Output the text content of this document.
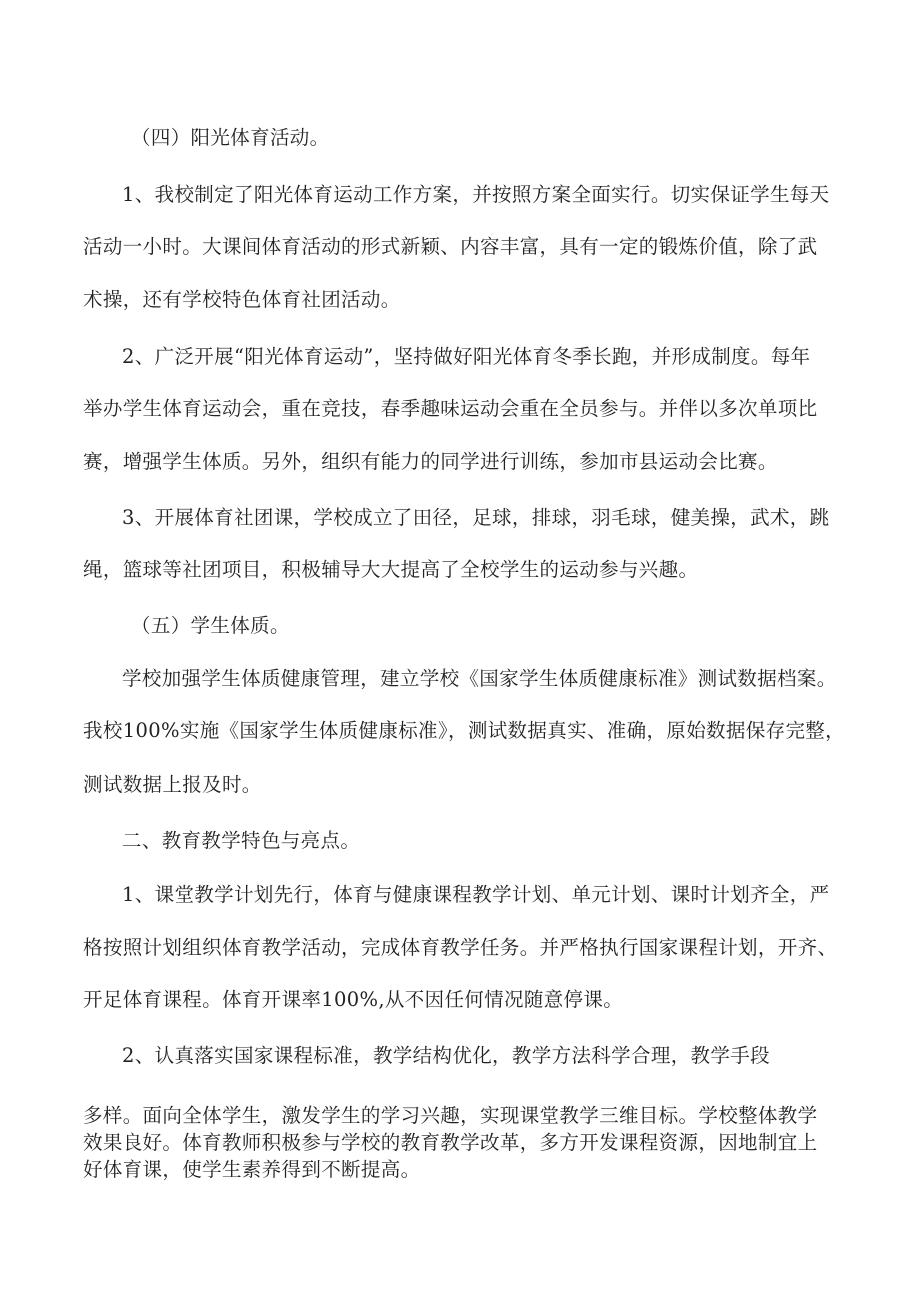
（四）阳光体育活动。
1、我校制定了阳光体育运动工作方案，并按照方案全面实行。切实保证学生每天
活动一小时。大课间体育活动的形式新颖、内容丰富，具有一定的锻炼价值，除了武
术操，还有学校特色体育社团活动。
2、广泛开展“阳光体育运动”，坚持做好阳光体育冬季长跑，并形成制度。每年
举办学生体育运动会，重在竞技，春季趣味运动会重在全员参与。并伴以多次单项比
赛，增强学生体质。另外，组织有能力的同学进行训练，参加市县运动会比赛。
3、开展体育社团课，学校成立了田径，足球，排球，羽毛球，健美操，武术，跳
绳，篮球等社团项目，积极辅导大大提高了全校学生的运动参与兴趣。
（五）学生体质。
学校加强学生体质健康管理，建立学校《国家学生体质健康标准》测试数据档案。
我校100%实施《国家学生体质健康标准》，测试数据真实、准确，原始数据保存完整，
测试数据上报及时。
二、教育教学特色与亮点。
1、课堂教学计划先行，体育与健康课程教学计划、单元计划、课时计划齐全，严
格按照计划组织体育教学活动，完成体育教学任务。并严格执行国家课程计划，开齐、
开足体育课程。体育开课率100%,从不因任何情况随意停课。
2、认真落实国家课程标准，教学结构优化，教学方法科学合理，教学手段
多样。面向全体学生，激发学生的学习兴趣，实现课堂教学三维目标。学校整体教学
效果良好。体育教师积极参与学校的教育教学改革，多方开发课程资源，因地制宜上
好体育课，使学生素养得到不断提高。
